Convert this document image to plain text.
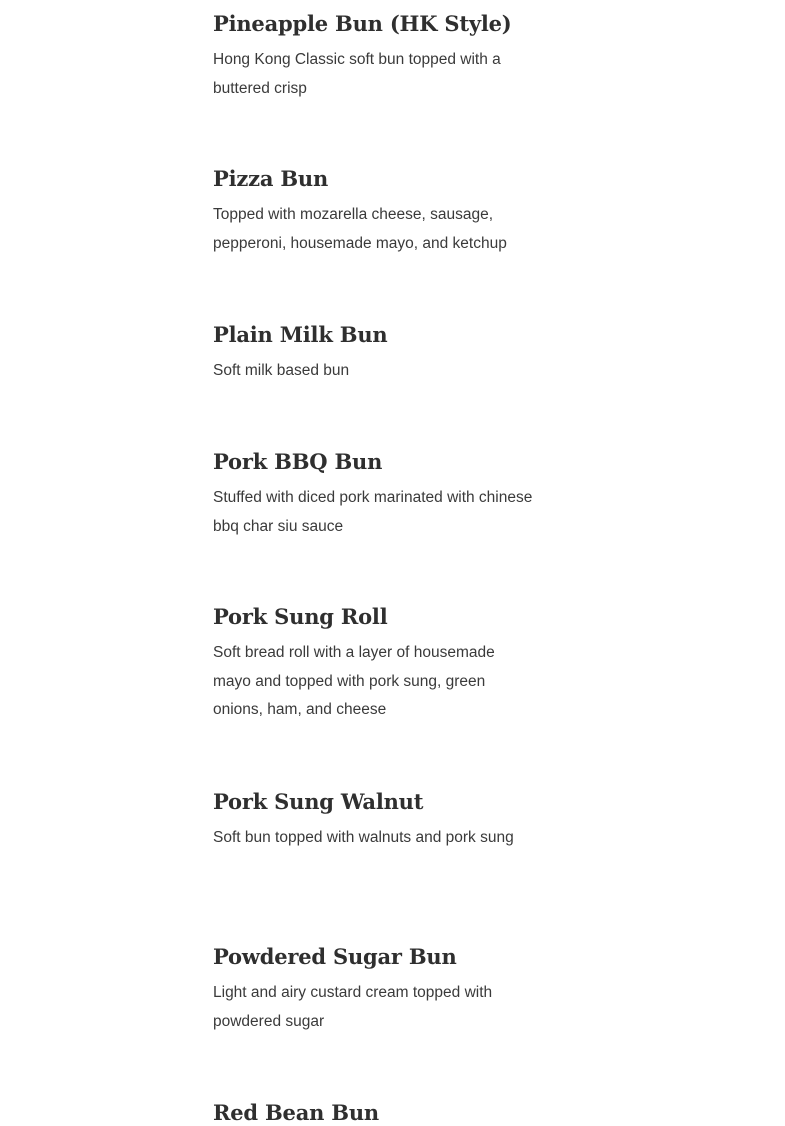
Pineapple Bun (HK Style)

Hong Kong Classic soft bun topped with a buttered crisp

Pizza Bun

Topped with mozarella cheese, sausage, pepperoni, housemade mayo, and ketchup

Plain Milk Bun

Soft milk based bun

Pork BBQ Bun

Stuffed with diced pork marinated with chinese bbq char siu sauce

Pork Sung Roll

Soft bread roll with a layer of housemade mayo and topped with pork sung, green onions, ham, and cheese

Pork Sung Walnut

Soft bun topped with walnuts and pork sung

Powdered Sugar Bun

Light and airy custard cream topped with powdered sugar

Red Bean Bun
